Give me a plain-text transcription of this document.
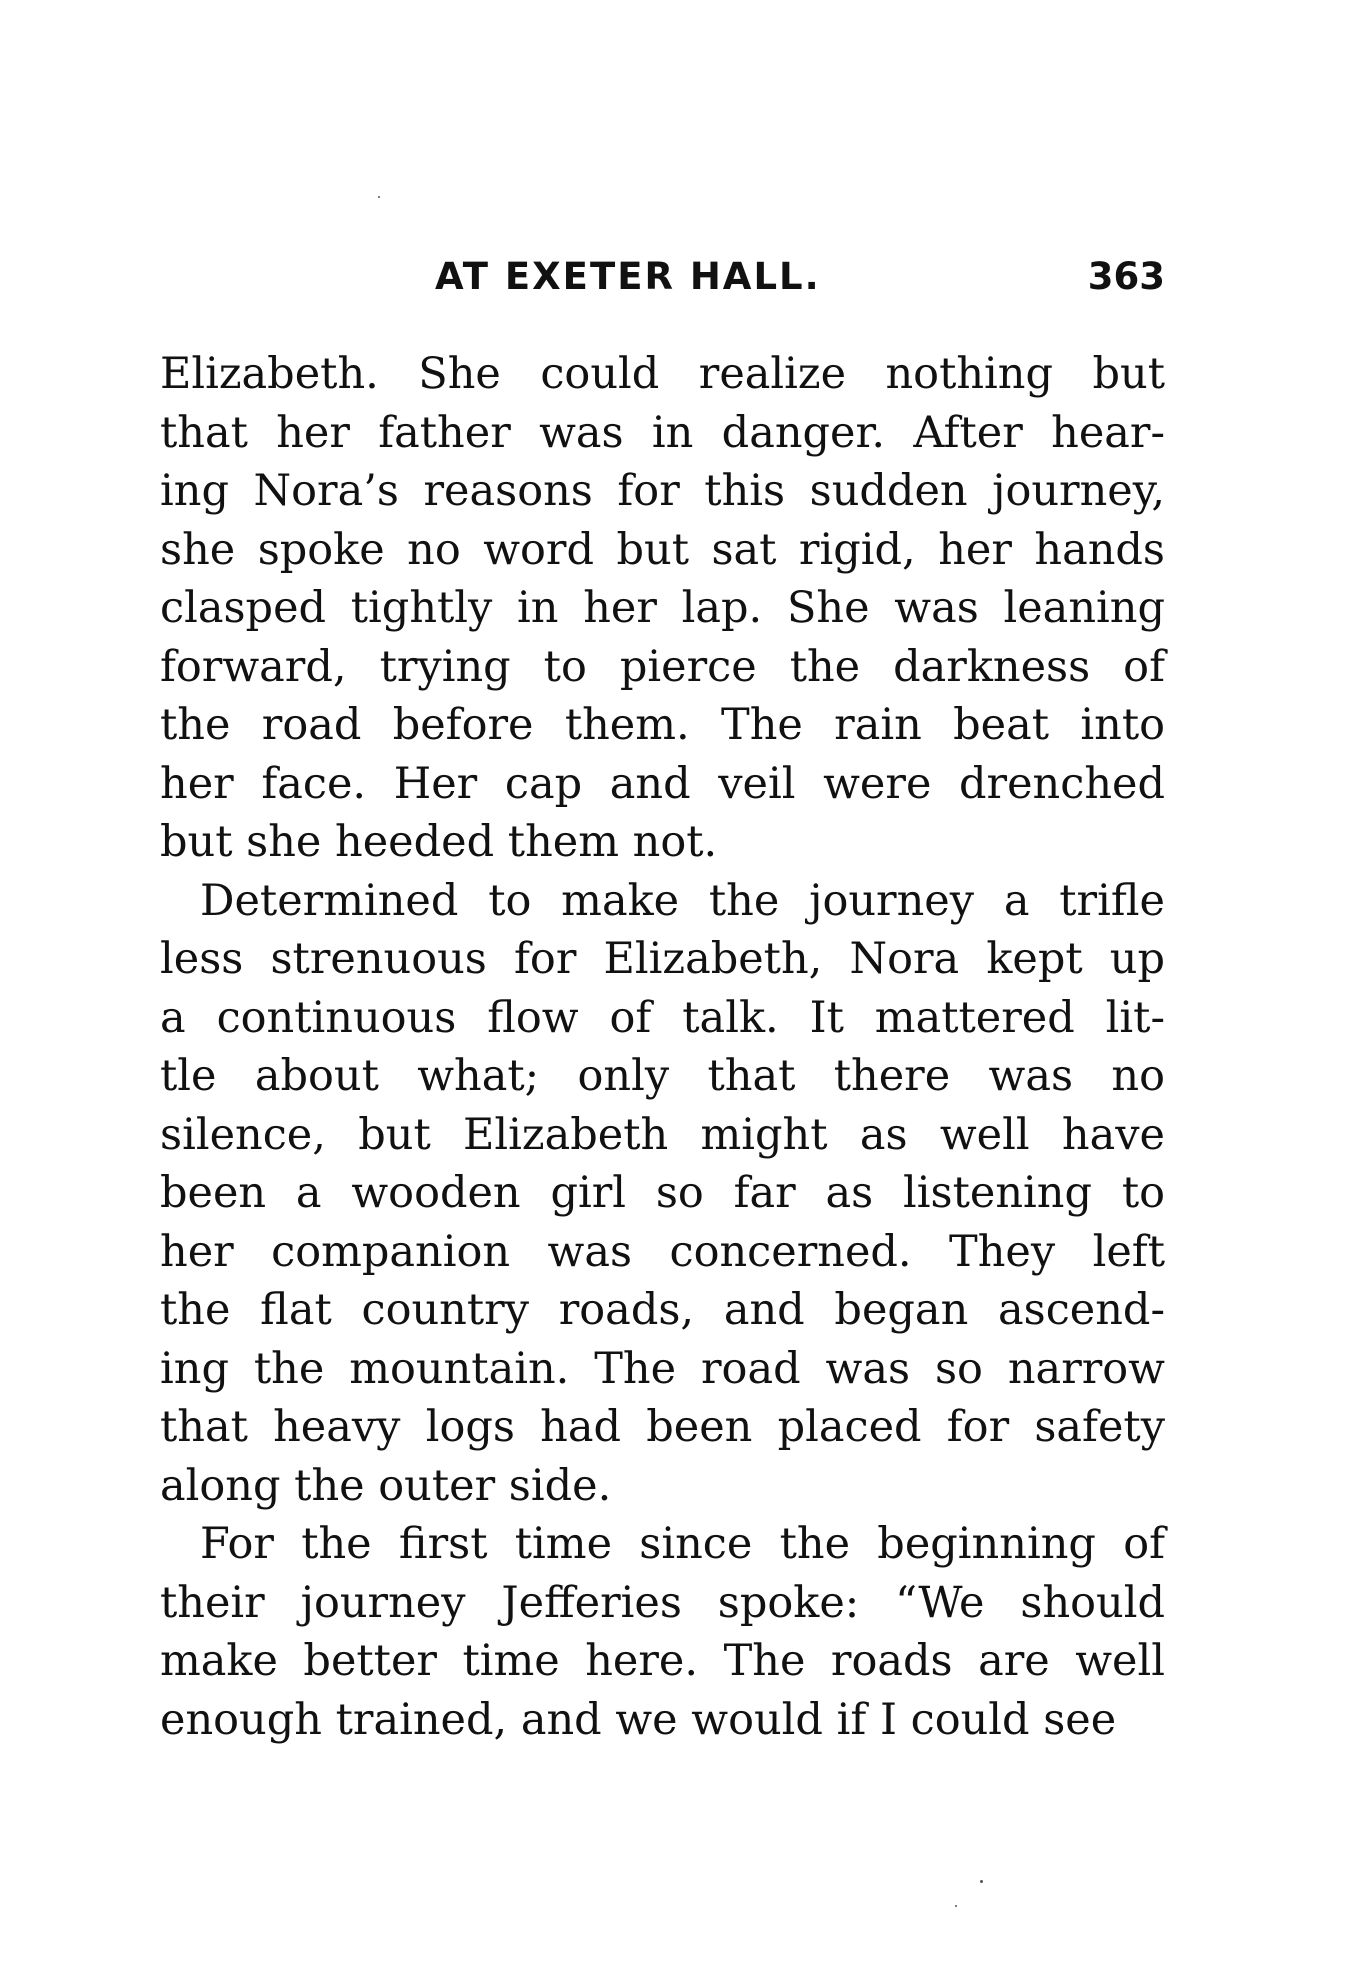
AT EXETER HALL.	363
Elizabeth. She could realize nothing but
that her father was in danger. After hear-
ing Nora’s reasons for this sudden journey,
she spoke no word but sat rigid, her hands
clasped tightly in her lap. She was leaning
forward, trying to pierce the darkness of
the road before them. The rain beat into
her face. Her cap and veil were drenched
but she heeded them not.
Determined to make the journey a trifle
less strenuous for Elizabeth, Nora kept up
a continuous flow of talk. It mattered lit-
tle about what; only that there was no
silence, but Elizabeth might as well have
been a wooden girl so far as listening to
her companion was concerned. They left
the flat country roads, and began ascend-
ing the mountain. The road was so narrow
that heavy logs had been placed for safety
along the outer side.
For the first time since the beginning of
their journey Jefferies spoke: “We should
make better time here. The roads are well
enough trained, and we would if I could see
